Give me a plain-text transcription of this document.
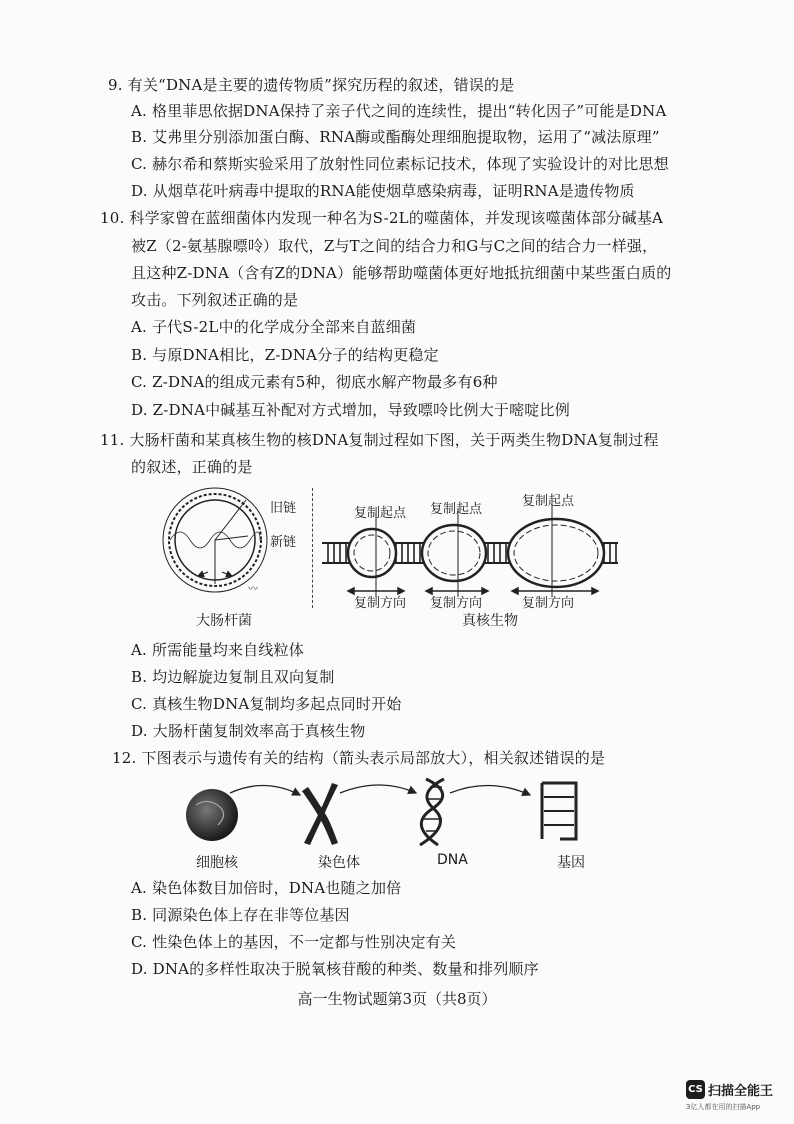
9. 有关“DNA是主要的遗传物质”探究历程的叙述，错误的是
A. 格里菲思依据DNA保持了亲子代之间的连续性，提出“转化因子”可能是DNA
B. 艾弗里分别添加蛋白酶、RNA酶或酯酶处理细胞提取物，运用了“减法原理”
C. 赫尔希和蔡斯实验采用了放射性同位素标记技术，体现了实验设计的对比思想
D. 从烟草花叶病毒中提取的RNA能使烟草感染病毒，证明RNA是遗传物质
10. 科学家曾在蓝细菌体内发现一种名为S-2L的噬菌体，并发现该噬菌体部分碱基A
被Z（2-氨基腺嘌呤）取代，Z与T之间的结合力和G与C之间的结合力一样强，
且这种Z-DNA（含有Z的DNA）能够帮助噬菌体更好地抵抗细菌中某些蛋白质的
攻击。下列叙述正确的是
A. 子代S-2L中的化学成分全部来自蓝细菌
B. 与原DNA相比，Z-DNA分子的结构更稳定
C. Z-DNA的组成元素有5种，彻底水解产物最多有6种
D. Z-DNA中碱基互补配对方式增加，导致嘌呤比例大于嘧啶比例
11. 大肠杆菌和某真核生物的核DNA复制过程如下图，关于两类生物DNA复制过程
的叙述，正确的是
〰
旧链
新链
大肠杆菌
复制起点 复制起点
复制起点
复制方向 复制方向	复制方向
真核生物
A. 所需能量均来自线粒体
B. 均边解旋边复制且双向复制
C. 真核生物DNA复制均多起点同时开始
D. 大肠杆菌复制效率高于真核生物
12. 下图表示与遗传有关的结构（箭头表示局部放大），相关叙述错误的是
细胞核	染色体	DNA	基因
A. 染色体数目加倍时，DNA也随之加倍
B. 同源染色体上存在非等位基因
C. 性染色体上的基因，不一定都与性别决定有关
D. DNA的多样性取决于脱氧核苷酸的种类、数量和排列顺序
高一生物试题第3页（共8页）
CS 扫描全能王
3亿人都在用的扫描App
